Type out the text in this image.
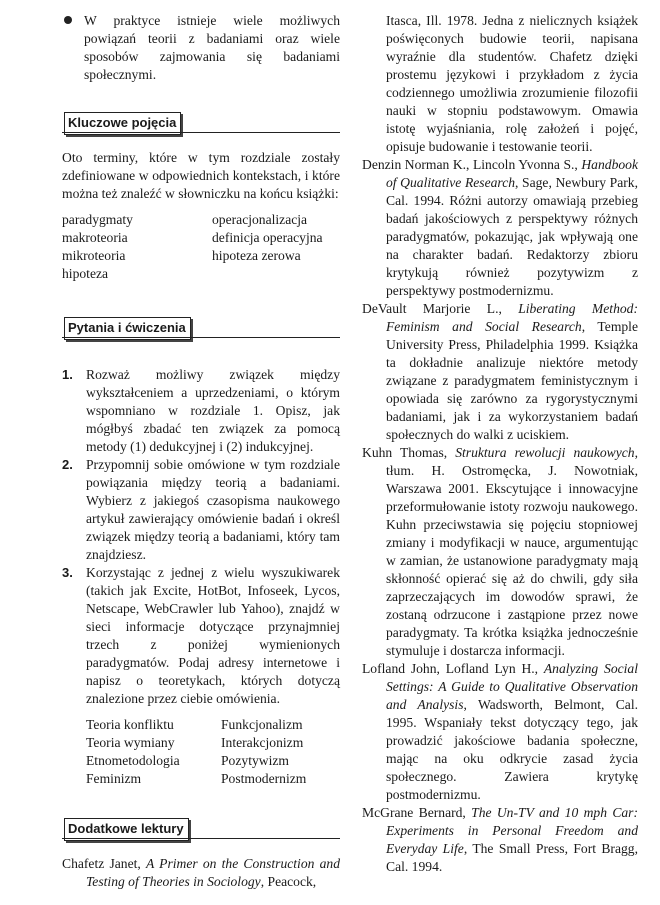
W praktyce istnieje wiele możliwych powiązań teorii z badaniami oraz wiele sposobów zajmowania się badaniami społecznymi.
Kluczowe pojęcia

Oto terminy, które w tym rozdziale zostały zdefiniowane w odpowiednich kontekstach, i które można też znaleźć w słowniczku na końcu książki:

paradygmaty
makroteoria
mikroteoria
hipoteza
operacjonalizacja
definicja operacyjna
hipoteza zerowa
Pytania i ćwiczenia
1. Rozważ możliwy związek między wykształceniem a uprzedzeniami, o którym wspomniano w rozdziale 1. Opisz, jak mógłbyś zbadać ten związek za pomocą metody (1) dedukcyjnej i (2) indukcyjnej.
2. Przypomnij sobie omówione w tym rozdziale powiązania między teorią a badaniami. Wybierz z jakiegoś czasopisma naukowego artykuł zawierający omówienie badań i określ związek między teorią a badaniami, który tam znajdziesz.
3. Korzystając z jednej z wielu wyszukiwarek (takich jak Excite, HotBot, Infoseek, Lycos, Netscape, WebCrawler lub Yahoo), znajdź w sieci informacje dotyczące przynajmniej trzech z poniżej wymienionych paradygmatów. Podaj adresy internetowe i napisz o teoretykach, których dotyczą znalezione przez ciebie omówienia.
Teoria konfliktu
Teoria wymiany
Etnometodologia
Feminizm
Funkcjonalizm
Interakcjonizm
Pozytywizm
Postmodernizm
Dodatkowe lektury

Chafetz Janet, A Primer on the Construction and Testing of Theories in Sociology, Peacock,

Itasca, Ill. 1978. Jedna z nielicznych książek poświęconych budowie teorii, napisana wyraźnie dla studentów. Chafetz dzięki prostemu językowi i przykładom z życia codziennego umożliwia zrozumienie filozofii nauki w stopniu podstawowym. Omawia istotę wyjaśniania, rolę założeń i pojęć, opisuje budowanie i testowanie teorii.

Denzin Norman K., Lincoln Yvonna S., Handbook of Qualitative Research, Sage, Newbury Park, Cal. 1994. Różni autorzy omawiają przebieg badań jakościowych z perspektywy różnych paradygmatów, pokazując, jak wpływają one na charakter badań. Redaktorzy zbioru krytykują również pozytywizm z perspektywy postmodernizmu.

DeVault Marjorie L., Liberating Method: Feminism and Social Research, Temple University Press, Philadelphia 1999. Książka ta dokładnie analizuje niektóre metody związane z paradygmatem feministycznym i opowiada się zarówno za rygorystycznymi badaniami, jak i za wykorzystaniem badań społecznych do walki z uciskiem.

Kuhn Thomas, Struktura rewolucji naukowych, tłum. H. Ostromęcka, J. Nowotniak, Warszawa 2001. Ekscytujące i innowacyjne przeformułowanie istoty rozwoju naukowego. Kuhn przeciwstawia się pojęciu stopniowej zmiany i modyfikacji w nauce, argumentując w zamian, że ustanowione paradygmaty mają skłonność opierać się aż do chwili, gdy siła zaprzeczających im dowodów sprawi, że zostaną odrzucone i zastąpione przez nowe paradygmaty. Ta krótka książka jednocześnie stymuluje i dostarcza informacji.

Lofland John, Lofland Lyn H., Analyzing Social Settings: A Guide to Qualitative Observation and Analysis, Wadsworth, Belmont, Cal. 1995. Wspaniały tekst dotyczący tego, jak prowadzić jakościowe badania społeczne, mając na oku odkrycie zasad życia społecznego. Zawiera krytykę postmodernizmu.

McGrane Bernard, The Un-TV and 10 mph Car: Experiments in Personal Freedom and Everyday Life, The Small Press, Fort Bragg, Cal. 1994.
